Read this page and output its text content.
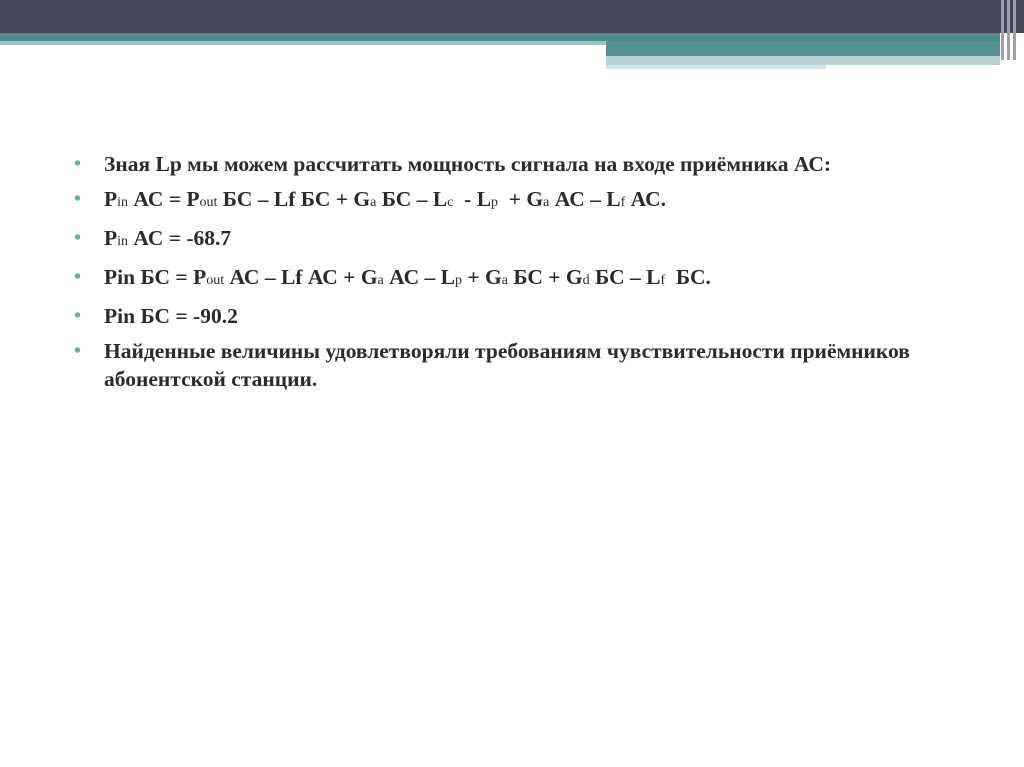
• Зная Lp мы можем рассчитать мощность сигнала на входе приёмника АС:
• Pin АС = Pout БС – Lf БС + Ga БС – Lc  - Lp  + Ga АС – Lf АС.
• Pin АС = -68.7
• Pin БС = Pout АС – Lf АС + Ga АС – Lp + Ga БС + Gd БС – Lf  БС.
• Pin БС = -90.2
• Найденные величины удовлетворяли требованиям чувствительности приёмников абонентской станции.
